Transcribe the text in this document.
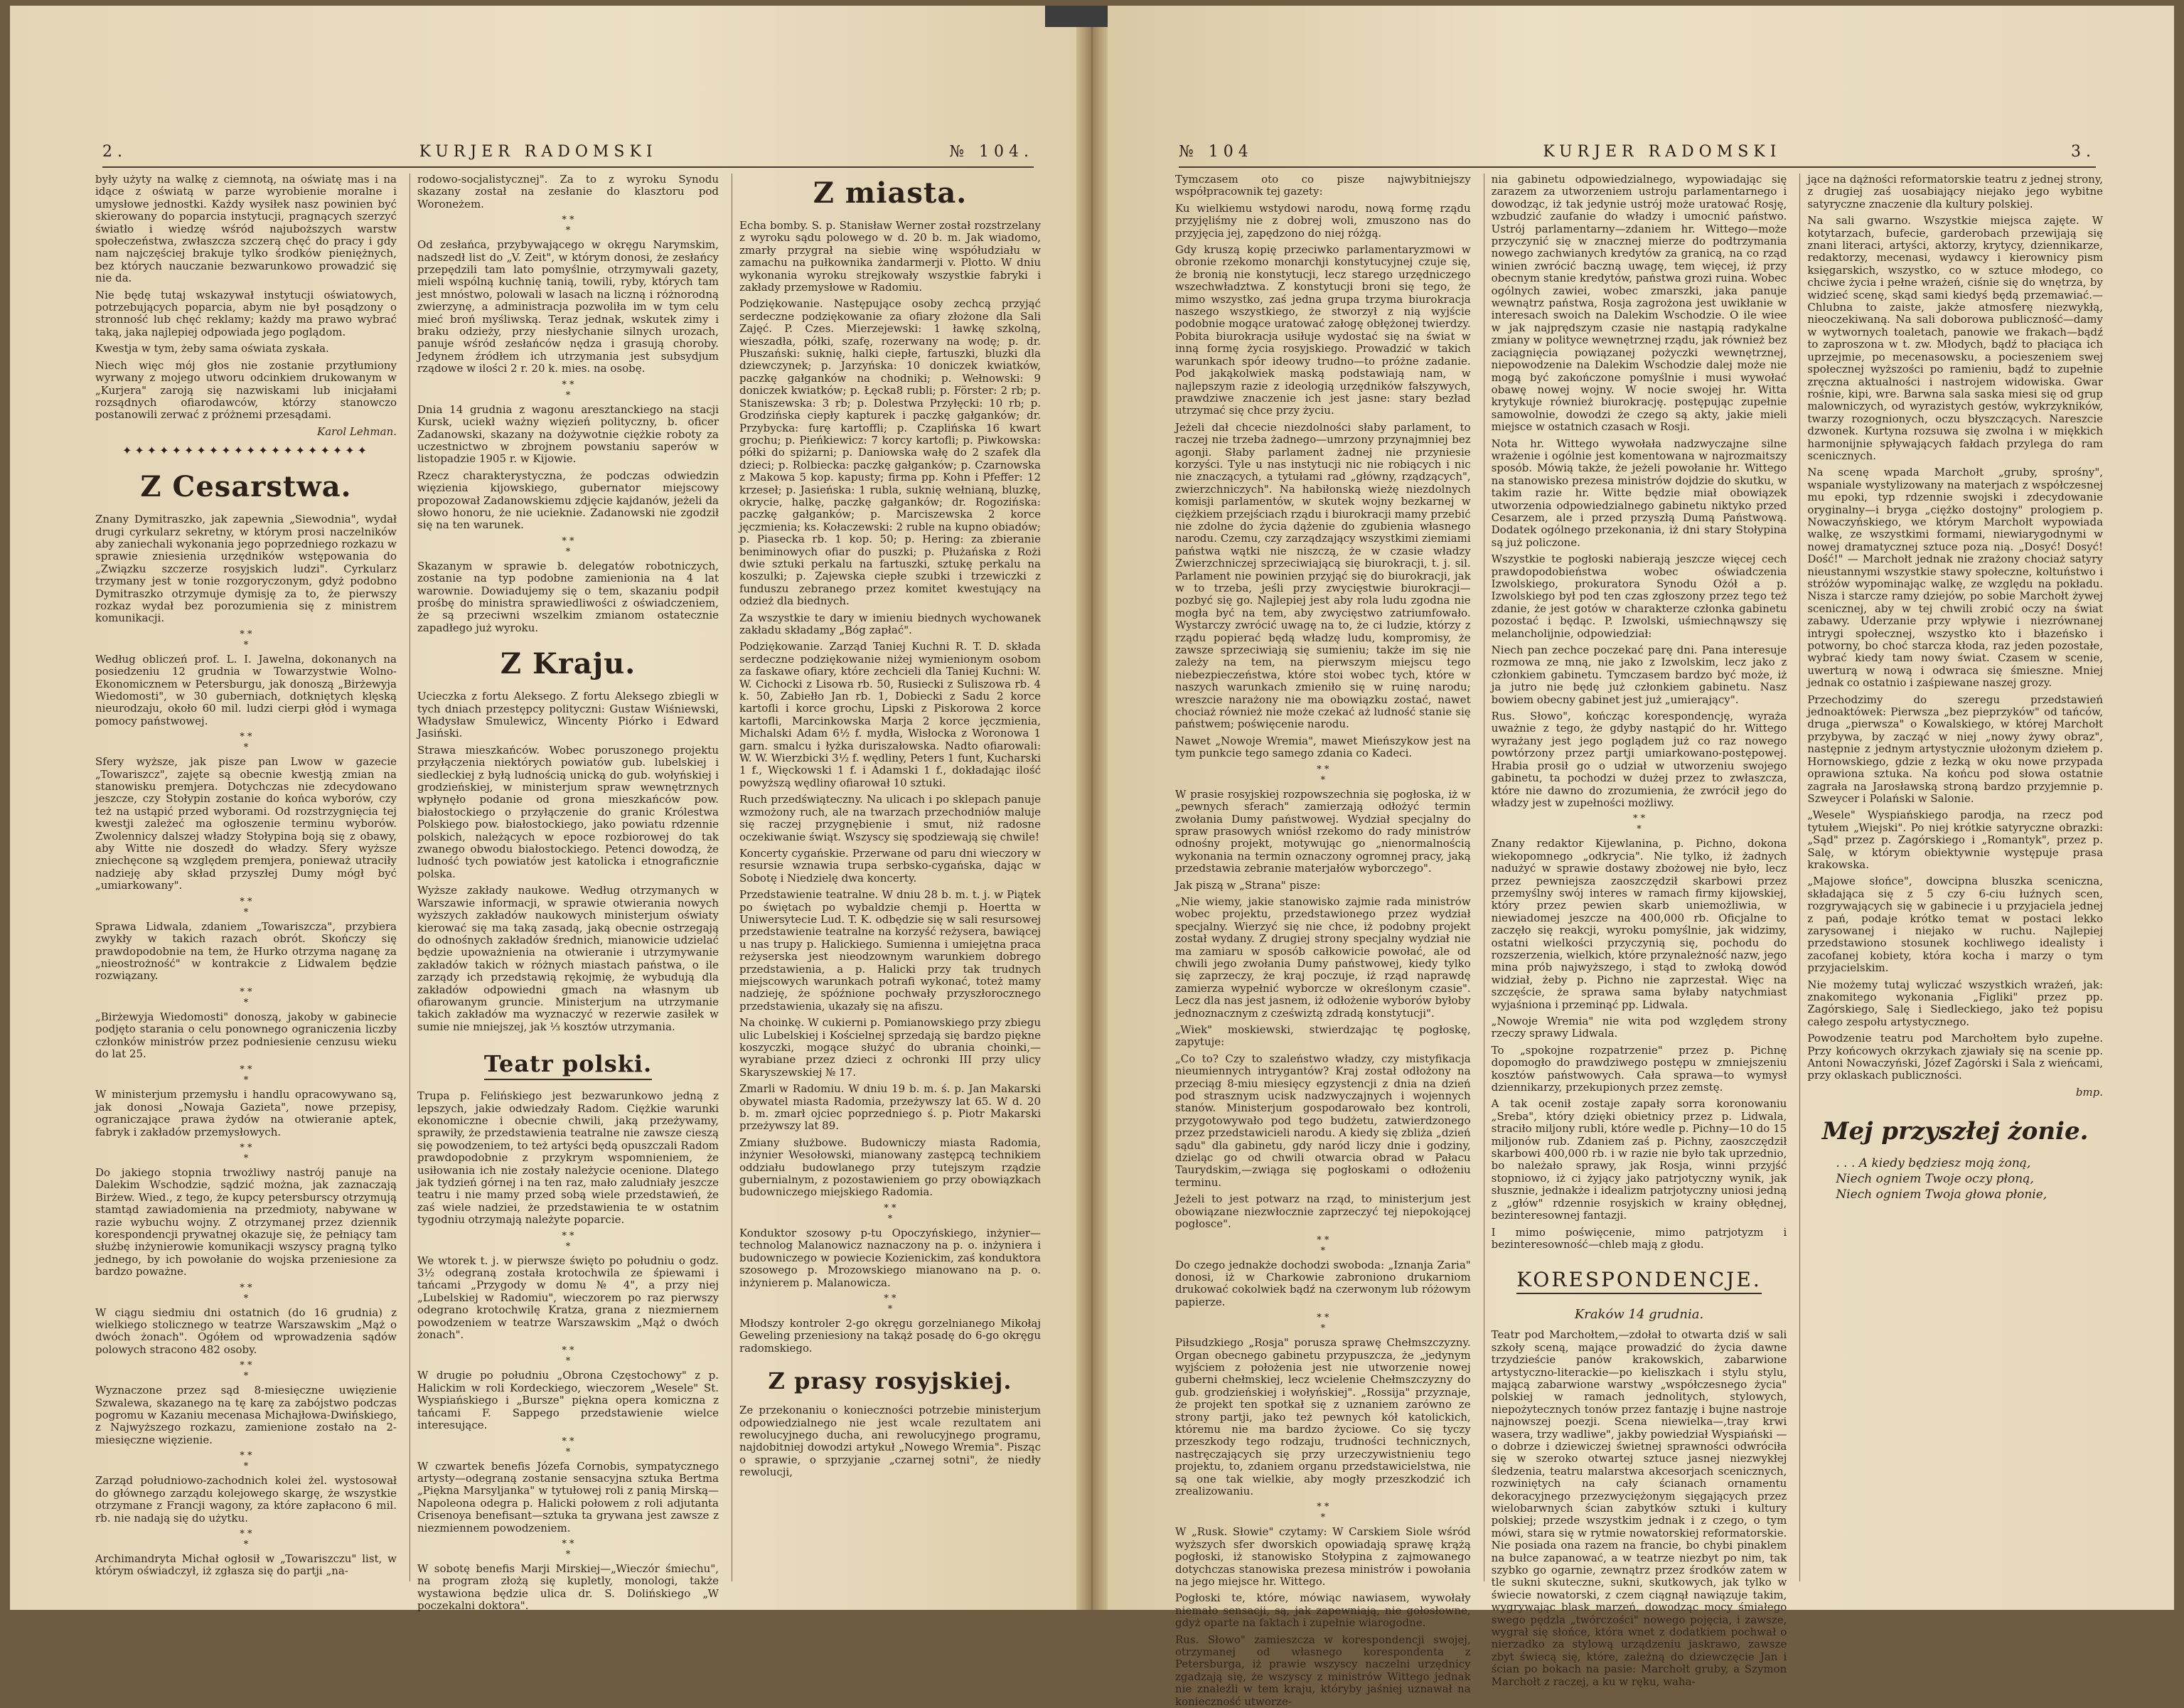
2.	KURJER RADOMSKI	№ 104.

były użyty na walkę z ciemnotą, na oświatę mas i na idące z oświatą w parze wyrobienie moralne i umysłowe jednostki. Każdy wysiłek nasz powinien być skierowany do poparcia instytucji, pragnących szerzyć światło i wiedzę wśród najuboższych warstw społeczeństwa, zwłaszcza szczerą chęć do pracy i gdy nam najczęściej brakuje tylko środków pieniężnych, bez których nauczanie bezwarunkowo prowadzić się nie da.

Nie będę tutaj wskazywał instytucji oświatowych, potrzebujących poparcia, abym nie był posądzony o stronność lub chęć reklamy; każdy ma prawo wybrać taką, jaka najlepiej odpowiada jego poglądom.

Kwestja w tym, żeby sama oświata zyskała.

Niech więc mój głos nie zostanie przytłumiony wyrwany z mojego utworu odcinkiem drukowanym w „Kurjera" zaroją się nazwiskami lub inicjałami rozsądnych ofiarodawców, którzy stanowczo postanowili zerwać z próżnemi przesądami.

Karol Lehman.

✦✦✦✦✦✦✦✦✦✦✦✦✦✦✦✦✦✦✦✦
Z Cesarstwa.

Znany Dymitraszko, jak zapewnia „Siewodnia", wydał drugi cyrkularz sekretny, w którym prosi naczelników aby zaniechali wykonania jego poprzedniego rozkazu w sprawie zniesienia urzędników wstępowania do „Związku szczerze rosyjskich ludzi". Cyrkularz trzymany jest w tonie rozgoryczonym, gdyż podobno Dymitraszko otrzymuje dymisję za to, że pierwszy rozkaz wydał bez porozumienia się z ministrem komunikacji.

* *
*

Według obliczeń prof. L. I. Jawelna, dokonanych na posiedzeniu 12 grudnia w Towarzystwie Wolno-Ekonomicznem w Petersburgu, jak donoszą „Birżewyja Wiedomosti", w 30 guberniach, dotkniętych klęską nieurodzaju, około 60 mil. ludzi cierpi głód i wymaga pomocy państwowej.

* *
*

Sfery wyższe, jak pisze pan Lwow w gazecie „Towariszcz", zajęte są obecnie kwestją zmian na stanowisku premjera. Dotychczas nie zdecydowano jeszcze, czy Stołypin zostanie do końca wyborów, czy też na ustąpić przed wyborami. Od rozstrzygnięcia tej kwestji zależeć ma ogłoszenie terminu wyborów. Zwolennicy dalszej władzy Stołypina boją się z obawy, aby Witte nie doszedł do władzy. Sfery wyższe zniechęcone są względem premjera, ponieważ utraciły nadzieję aby skład przyszłej Dumy mógł być „umiarkowany".

* *
*

Sprawa Lidwala, zdaniem „Towariszcza", przybiera zwykły w takich razach obrót. Skończy się prawdopodobnie na tem, że Hurko otrzyma naganę za „nieostrożność" w kontrakcie z Lidwalem będzie rozwiązany.

* *
*

„Birżewyja Wiedomosti" donoszą, jakoby w gabinecie podjęto starania o celu ponownego ograniczenia liczby członków ministrów przez podniesienie cenzusu wieku do lat 25.

* *
*

W ministerjum przemysłu i handlu opracowywano są, jak donosi „Nowaja Gazieta", nowe przepisy, ograniczające prawa żydów na otwieranie aptek, fabryk i zakładów przemysłowych.

* *
*

Do jakiego stopnia trwożliwy nastrój panuje na Dalekim Wschodzie, sądzić można, jak zaznaczają Birżew. Wied., z tego, że kupcy petersburscy otrzymują stamtąd zawiadomienia na przedmioty, nabywane w razie wybuchu wojny. Z otrzymanej przez dziennik korespondencji prywatnej okazuje się, że pełniący tam służbę inżynierowie komunikacji wszyscy pragną tylko jednego, by ich powołanie do wojska przeniesione za bardzo poważne.

* *
*

W ciągu siedmiu dni ostatnich (do 16 grudnia) z wielkiego stolicznego w teatrze Warszawskim „Mąż o dwóch żonach". Ogółem od wprowadzenia sądów polowych stracono 482 osoby.

* *
*

Wyznaczone przez sąd 8-miesięczne uwięzienie Szwalewa, skazanego na tę karę za zabójstwo podczas pogromu w Kazaniu mecenasa Michajłowa-Dwińskiego, z Najwyższego rozkazu, zamienione zostało na 2-miesięczne więzienie.

* *
*

Zarząd południowo-zachodnich kolei żel. wystosował do głównego zarządu kolejowego skargę, że wszystkie otrzymane z Francji wagony, za które zapłacono 6 mil. rb. nie nadają się do użytku.

* *
*

Archimandryta Michał ogłosił w „Towariszczu" list, w którym oświadczył, iż zgłasza się do partji „na-

rodowo-socjalistycznej". Za to z wyroku Synodu skazany został na zesłanie do klasztoru pod Woroneżem.

* *
*

Od zesłańca, przybywającego w okręgu Narymskim, nadszedł list do „V. Zeit", w którym donosi, że zesłańcy przepędzili tam lato pomyślnie, otrzymywali gazety, mieli wspólną kuchnię tanią, towili, ryby, których tam jest mnóstwo, polowali w lasach na liczną i różnorodną zwierzynę, a administracja pozwoliła im w tym celu mieć broń myśliwską. Teraz jednak, wskutek zimy i braku odzieży, przy niesłychanie silnych urozach, panuje wśród zesłańców nędza i grasują choroby. Jedynem źródłem ich utrzymania jest subsydjum rządowe w ilości 2 r. 20 k. mies. na osobę.

* *
*

Dnia 14 grudnia z wagonu aresztanckiego na stacji Kursk, uciekł ważny więzień polityczny, b. oficer Zadanowski, skazany na dożywotnie ciężkie roboty za uczestnictwo w zbrojnem powstaniu saperów w listopadzie 1905 r. w Kijowie.

Rzecz charakterystyczna, że podczas odwiedzin więzienia kijowskiego, gubernator miejscowy propozował Zadanowskiemu zdjęcie kajdanów, jeżeli da słowo honoru, że nie ucieknie. Zadanowski nie zgodził się na ten warunek.

* *
*

Skazanym w sprawie b. delegatów robotniczych, zostanie na typ podobne zamienionia na 4 lat warownie. Dowiadujemy się o tem, skazaniu podpił prośbę do ministra sprawiedliwości z oświadczeniem, że są przeciwni wszelkim zmianom ostatecznie zapadłego już wyroku.

Z Kraju.

Ucieczka z fortu Aleksego. Z fortu Aleksego zbiegli w tych dniach przestępcy polityczni: Gustaw Wiśniewski, Władysław Smulewicz, Wincenty Piórko i Edward Jasiński.

Strawa mieszkańców. Wobec poruszonego projektu przyłączenia niektórych powiatów gub. lubelskiej i siedleckiej z byłą ludnością unicką do gub. wołyńskiej i grodzieńskiej, w ministerjum spraw wewnętrznych wpłynęło podanie od grona mieszkańców pow. białostockiego o przyłączenie do granic Królestwa Polskiego pow. białostockiego, jako powiatu rdzennie polskich, należących w epoce rozbiorowej do tak zwanego obwodu białostockiego. Petenci dowodzą, że ludność tych powiatów jest katolicka i etnograficznie polska.

Wyższe zakłady naukowe. Według otrzymanych w Warszawie informacji, w sprawie otwierania nowych wyższych zakładów naukowych ministerjum oświaty kierować się ma taką zasadą, jaką obecnie ostrzegają do odnośnych zakładów średnich, mianowicie udzielać będzie upoważnienia na otwieranie i utrzymywanie zakładów takich w różnych miastach państwa, o ile zarządy ich przedstawią rękojmię, że wybudują dla zakładów odpowiedni gmach na własnym ub ofiarowanym gruncie. Ministerjum na utrzymanie takich zakładów ma wyznaczyć w rezerwie zasiłek w sumie nie mniejszej, jak ⅓ kosztów utrzymania.

Teatr polski.

Trupa p. Felińskiego jest bezwarunkowo jedną z lepszych, jakie odwiedzały Radom. Ciężkie warunki ekonomiczne i obecnie chwili, jaką przeżywamy, sprawiły, że przedstawienia teatralne nie zawsze cieszą się powodzeniem, to też artyści będą opuszczali Radom prawdopodobnie z przykrym wspomnieniem, że usiłowania ich nie zostały należycie ocenione. Dlatego jak tydzień górnej i na ten raz, mało zaludniały jeszcze teatru i nie mamy przed sobą wiele przedstawień, że zaś wiele nadziei, że przedstawienia te w ostatnim tygodniu otrzymają należyte poparcie.

* *
*

We wtorek t. j. w pierwsze święto po południu o godz. 3½ odegraną została krotochwila ze śpiewami i tańcami „Przygody w domu № 4", a przy niej „Lubelskiej w Radomiu", wieczorem po raz pierwszy odegrano krotochwilę Kratza, grana z niezmiernem powodzeniem w teatrze Warszawskim „Mąż o dwóch żonach".

* *
*

W drugie po południu „Obrona Częstochowy" z p. Halickim w roli Kordeckiego, wieczorem „Wesele" St. Wyspiańskiego i „Bursze" piękna opera komiczna z tańcami F. Sappego przedstawienie wielce interesujące.

* *
*

W czwartek benefis Józefa Cornobis, sympatycznego artysty—odegraną zostanie sensacyjna sztuka Bertma „Piękna Marsyljanka" w tytułowej roli z panią Mirską—Napoleona odegra p. Halicki połowem z roli adjutanta Crisenoya benefisant—sztuka ta grywana jest zawsze z niezmiennem powodzeniem.

* *
*

W sobotę benefis Marji Mirskiej—„Wieczór śmiechu", na program złożą się kupletly, monologi, także wystawiona będzie ulica dr. S. Dolińskiego „W poczekalni doktora".

Z miasta.

Echa bomby. S. p. Stanisław Werner został rozstrzelany z wyroku sądu polowego w d. 20 b. m. Jak wiadomo, zmarły przygrał na siebie winę współudziału w zamachu na pułkownika żandarmerji v. Plotto. W dniu wykonania wyroku strejkowały wszystkie fabryki i zakłady przemysłowe w Radomiu.

Podziękowanie. Następujące osoby zechcą przyjąć serdeczne podziękowanie za ofiary złożone dla Sali Zajęć. P. Czes. Mierzejewski: 1 ławkę szkolną, wieszadła, półki, szafę, rozerwany na wodę; p. dr. Płuszański: suknię, halki ciepłe, fartuszki, bluzki dla dziewczynek; p. Jarzyńska: 10 doniczek kwiatków, paczkę gałganków na chodniki; p. Wełnowski: 9 doniczek kwiatków; p. Łęcka8 rubli; p. Förster: 2 rb; p. Staniszewska: 3 rb; p. Dolestwa Przyłęcki: 10 rb; p. Grodzińska ciepły kapturek i paczkę gałganków; dr. Przybycka: furę kartoffli; p. Czaplińska 16 kwart grochu; p. Pieńkiewicz: 7 korcy kartofli; p. Piwkowska: półki do spiżarni; p. Daniowska wałę do 2 szafek dla dzieci; p. Rolbiecka: paczkę gałganków; p. Czarnowska z Makowa 5 kop. kapusty; firma pp. Kohn i Pfeffer: 12 krzeseł; p. Jasieńska: 1 rubla, suknię wełnianą, bluzkę, okrycie, halkę, paczkę gałganków; dr. Rogozińska: paczkę gałganków; p. Marciszewska 2 korce jęczmienia; ks. Kołaczewski: 2 ruble na kupno obiadów; p. Piasecka rb. 1 kop. 50; p. Hering: za zbieranie beniminowych ofiar do puszki; p. Płużańska z Rożi dwie sztuki perkalu na fartuszki, sztukę perkalu na koszulki; p. Zajewska ciepłe szubki i trzewiczki z funduszu zebranego przez komitet kwestujący na odzież dla biednych.

Za wszystkie te dary w imieniu biednych wychowanek zakładu składamy „Bóg zapłać".

Podziękowanie. Zarząd Taniej Kuchni R. T. D. składa serdeczne podziękowanie niżej wymienionym osobom za faskawe ofiary, które zechcieli dla Taniej Kuchni: W. W. Cichocki z Lisowa rb. 50, Rusiecki z Suliszowa rb. 4 k. 50, Zabiełło Jan rb. 1, Dobiecki z Sadu 2 korce kartofli i korce grochu, Lipski z Piskorowa 2 korce kartofli, Marcinkowska Marja 2 korce jęczmienia, Michalski Adam 6½ f. mydła, Wisłocka z Woronowa 1 garn. smalcu i łyżka duriszałowska. Nadto ofiarowali: W. W. Wierzbicki 3½ f. wędliny, Peters 1 funt, Kucharski 1 f., Więckowski 1 f. i Adamski 1 f., dokładając ilość powyższą wędliny ofiarował 10 sztuki.

Ruch przedświąteczny. Na ulicach i po sklepach panuje wzmożony ruch, ale na twarzach przechodniów maluje się raczej przygnębienie i smut, niż radosne oczekiwanie świąt. Wszyscy się spodziewają się chwile!

Koncerty cygańskie. Przerwane od paru dni wieczory w resursie wznawia trupa serbsko-cygańska, dając w Sobotę i Niedzielę dwa koncerty.

Przedstawienie teatralne. W dniu 28 b. m. t. j. w Piątek po świętach po wybaldzie chemji p. Hoertta w Uniwersytecie Lud. T. K. odbędzie się w sali resursowej przedstawienie teatralne na korzyść reżysera, bawiącej u nas trupy p. Halickiego. Sumienna i umiejętna praca reżyserska jest nieodzownym warunkiem dobrego przedstawienia, a p. Halicki przy tak trudnych miejscowych warunkach potrafi wykonać, toteż mamy nadzieję, że spóźnione pochwały przyszłorocznego przedstawienia, ukazały się na afiszu.

Na choinkę. W cukierni p. Pomianowskiego przy zbiegu ulic Lubelskiej i Kościelnej sprzedają się bardzo piękne koszyczki, mogące służyć do ubrania choinki,—wyrabiane przez dzieci z ochronki III przy ulicy Skaryszewskiej № 17.

Zmarli w Radomiu. W dniu 19 b. m. ś. p. Jan Makarski obywatel miasta Radomia, przeżywszy lat 65. W d. 20 b. m. zmarł ojciec poprzedniego ś. p. Piotr Makarski przeżywszy lat 89.

Zmiany służbowe. Budowniczy miasta Radomia, inżynier Wesołowski, mianowany zastępcą technikiem oddziału budowlanego przy tutejszym rządzie gubernialnym, z pozostawieniem go przy obowiązkach budowniczego miejskiego Radomia.

* *
*

Konduktor szosowy p-tu Opoczyńskiego, inżynier—technolog Malanowicz naznaczony na p. o. inżyniera i budowniczego w powiecie Kozienickim, zaś konduktora szosowego p. Mrozowskiego mianowano na p. o. inżynierem p. Malanowicza.

* *
*

Młodszy kontroler 2-go okręgu gorzelnianego Mikołaj Geweling przeniesiony na takąż posadę do 6-go okręgu radomskiego.

Z prasy rosyjskiej.

Ze przekonaniu o konieczności potrzebie ministerjum odpowiedzialnego nie jest wcale rezultatem ani rewolucyjnego ducha, ani rewolucyjnego programu, najdobitniej dowodzi artykuł „Nowego Wremia". Pisząc o sprawie, o sprzyjanie „czarnej sotni", że niedły rewolucji,

№ 104	KURJER RADOMSKI	3.

Tymczasem oto co pisze najwybitniejszy współpracownik tej gazety:

Ku wielkiemu wstydowi narodu, nową formę rządu przyjęliśmy nie z dobrej woli, zmuszono nas do przyjęcia jej, zapędzono do niej różgą.

Gdy kruszą kopię przeciwko parlamentaryzmowi w obronie rzekomo monarchji konstytucyjnej czuje się, że bronią nie konstytucji, lecz starego urzędniczego wszechwładztwa. Z konstytucji broni się tego, że mimo wszystko, zaś jedna grupa trzyma biurokracja naszego wszystkiego, że stworzył z nią wyjście podobnie mogące uratować załogę obłężonej twierdzy. Pobita biurokracja usiłuje wydostać się na świat w inną formę życia rosyjskiego. Prowadzić w takich warunkach spór ideowy trudno—to próżne zadanie. Pod jakąkolwiek maską podstawiają nam, w najlepszym razie z ideologią urzędników fałszywych, prawdziwe znaczenie ich jest jasne: stary bezład utrzymać się chce przy życiu.

Jeżeli dał chcecie niezdolności słaby parlament, to raczej nie trzeba żadnego—umrzony przynajmniej bez agonji. Słaby parlament żadnej nie przyniesie korzyści. Tyle u nas instytucji nic nie robiących i nic nie znaczących, a tytułami rad „główny, rządzących", zwierzchniczych". Na habiłonską wieżę niezdolnych komisji parlamentów, w skutek wojny bezkarnej w ciężkiem przejściach rządu i biurokracji mamy przebić nie zdolne do życia dążenie do zgubienia własnego narodu. Czemu, czy zarządzający wszystkimi ziemiami państwa wątki nie niszczą, że w czasie władzy Zwierzchniczej sprzeciwiającą się biurokracji, t. j. sil. Parlament nie powinien przyjąć się do biurokracji, jak w to trzeba, jeśli przy zwycięstwie biurokracji—pozbyć się go. Najlepiej jest aby rola ludu zgodna nie mogła być na tem, aby zwycięstwo zatriumfowało. Wystarczy zwrócić uwagę na to, że ci ludzie, którzy z rządu popierać będą władzę ludu, kompromisy, że zawsze sprzeciwiają się sumieniu; także im się nie zależy na tem, na pierwszym miejscu tego niebezpieczeństwa, które stoi wobec tych, które w naszych warunkach zmieniło się w ruinę narodu; wreszcie narażony nie ma obowiązku zostać, nawet chociaż również nie może czekać aż ludność stanie się państwem; poświęcenie narodu.

Nawet „Nowoje Wremia", mawet Mieńszykow jest na tym punkcie tego samego zdania co Kadeci.

* *
*

W prasie rosyjskiej rozpowszechnia się pogłoska, iż w „pewnych sferach" zamierzają odłożyć termin zwołania Dumy państwowej. Wydział specjalny do spraw prasowych wniósł rzekomo do rady ministrów odnośny projekt, motywując go „nienormalnością wykonania na termin oznaczony ogromnej pracy, jaką przedstawia zebranie materjałów wyborczego".

Jak piszą w „Strana" pisze:

„Nie wiemy, jakie stanowisko zajmie rada ministrów wobec projektu, przedstawionego przez wydział specjalny. Wierzyć się nie chce, iż podobny projekt został wydany. Z drugiej strony specjalny wydział nie ma zamiaru w sposób całkowicie powołać, ale od chwili jego zwołania Dumy państwowej, kiedy tylko się zaprzeczy, że kraj poczuje, iż rząd naprawdę zamierza wypełnić wyborcze w określonym czasie". Lecz dla nas jest jasnem, iż odłożenie wyborów byłoby jednoznacznym z czeświztą zdradą konstytucji".

„Wiek" moskiewski, stwierdzając tę pogłoskę, zapytuje:

„Co to? Czy to szaleństwo władzy, czy mistyfikacja nieumiennych intrygantów? Kraj został odłożony na przeciąg 8-miu miesięcy egzystencji z dnia na dzień pod strasznym ucisk nadzwyczajnych i wojennych stanów. Ministerjum gospodarowało bez kontroli, przygotowywało pod tego budżetu, zatwierdzonego przez przedstawicieli narodu. A kiedy się zbliża „dzień sądu" dla gabinetu, gdy naród liczy dnie i godziny, dzieląc go od chwili otwarcia obrad w Pałacu Taurydskim,—zwiąga się pogłoskami o odłożeniu terminu.

Jeżeli to jest potwarz na rząd, to ministerjum jest obowiązane niezwłocznie zaprzeczyć tej niepokojącej pogłosce".

* *
*

Do czego jednakże dochodzi swoboda: „Iznanja Zaria" donosi, iż w Charkowie zabroniono drukarniom drukować cokolwiek bądź na czerwonym lub różowym papierze.

* *
*

Piłsudzkiego „Rosja" porusza sprawę Chełmszczyzny. Organ obecnego gabinetu przypuszcza, że „jedynym wyjściem z położenia jest nie utworzenie nowej guberni chełmskiej, lecz wcielenie Chełmszczyzny do gub. grodzieńskiej i wołyńskiej". „Rossija" przyznaje, że projekt ten spotkał się z uznaniem zarówno ze strony partji, jako też pewnych kół katolickich, któremu nie ma bardzo życiowe. Co się tyczy przeszkody tego rodzaju, trudności technicznych, nastręczających się przy urzeczywistnieniu tego projektu, to, zdaniem organu przedstawicielstwa, nie są one tak wielkie, aby mogły przeszkodzić ich zrealizowaniu.

* *
*

W „Rusk. Słowie" czytamy: W Carskiem Siole wśród wyższych sfer dworskich opowiadają sprawę krążą pogłoski, iż stanowisko Stołypina z zajmowanego dotychczas stanowiska prezesa ministrów i powołania na jego miejsce hr. Wittego.

Pogłoski te, które, mówiąc nawiasem, wywołały niemało sensacji, są, jak zapewniają, nie gołosłowne, gdyż oparte na faktach i zupełnie wiarogodne.

Rus. Słowo" zamieszcza w korespondencji swojej, otrzymanej od własnego korespondenta z Petersburga, iż prawie wszyscy naczelni urzędnicy zgadzają się, że wszyscy z ministrów Wittego jednak nie znaleźli w tem kraju, któryby jaśniej uznawał na konieczność utworze-

nia gabinetu odpowiedzialnego, wypowiadając się zarazem za utworzeniem ustroju parlamentarnego i dowodząc, iż tak jedynie ustrój może uratować Rosję, wzbudzić zaufanie do władzy i umocnić państwo. Ustrój parlamentarny—zdaniem hr. Wittego—może przyczynić się w znacznej mierze do podtrzymania nowego zachwianych kredytów za granicą, na co rząd winien zwrócić baczną uwagę, tem więcej, iż przy obecnym stanie kredytów, państwa grozi ruina. Wobec ogólnych zawiei, wobec zmarszki, jaka panuje wewnątrz państwa, Rosja zagrożona jest uwikłanie w interesach swoich na Dalekim Wschodzie. O ile wiee w jak najprędszym czasie nie nastąpią radykalne zmiany w polityce wewnętrznej rządu, jak również bez zaciągnięcia powiązanej pożyczki wewnętrznej, niepowodzenie na Dalekim Wschodzie dalej może nie mogą być zakończone pomyślnie i musi wywołać obawę nowej wojny. W nocie swojej hr. Witta krytykuje również biurokrację. postępując zupełnie samowolnie, dowodzi że czego są akty, jakie mieli miejsce w ostatnich czasach w Rosji.

Nota hr. Wittego wywołała nadzwyczajne silne wrażenie i ogólnie jest komentowana w najrozmaitszy sposób. Mówią także, że jeżeli powołanie hr. Wittego na stanowisko prezesa ministrów dojdzie do skutku, w takim razie hr. Witte będzie miał obowiązek utworzenia odpowiedzialnego gabinetu niktyko przed Cesarzem, ale i przed przyszłą Dumą Państwową. Dodatek ogólnego przekonania, iż dni stary Stołypina są już policzone.

Wszystkie te pogłoski nabierają jeszcze więcej cech prawdopodobieństwa wobec oświadczenia Izwolskiego, prokuratora Synodu Ożół a p. Izwolskiego był pod ten czas zgłoszony przez tego też zdanie, że jest gotów w charakterze członka gabinetu pozostać i będąc. P. Izwolski, uśmiechnąwszy się melancholijnie, odpowiedział:

Niech pan zechce poczekać parę dni. Pana interesuje rozmowa ze mną, nie jako z Izwolskim, lecz jako z członkiem gabinetu. Tymczasem bardzo być może, iż ja jutro nie będę już członkiem gabinetu. Nasz bowiem obecny gabinet jest już „umierający".

Rus. Słowo", kończąc korespondencję, wyraża uważnie z tego, że gdyby nastąpić do hr. Wittego wyrażany jest jego poglądem już co raz nowego powtórzony przez partji umiarkowano-postępowej. Hrabia prosił go o udział w utworzeniu swojego gabinetu, ta pochodzi w dużej przez to zwłaszcza, które nie dawno do zrozumienia, że zwrócił jego do władzy jest w zupełności możliwy.

* *
*

Znany redaktor Kijewlanina, p. Pichno, dokona wiekopomnego „odkrycia". Nie tylko, iż żadnych nadużyć w sprawie dostawy zbożowej nie było, lecz przez pewniejsza zaoszczędził skarbowi przez przemyślny swój interes w ramach firmy kijowskiej, który przez pewien skarb uniemożliwia, w niewiadomej jeszcze na 400,000 rb. Oficjalne to zaczęło się reakcji, wyroku pomyślnie, jak widzimy, ostatni wielkości przyczynią się, pochodu do rozszerzenia, wielkich, które przynależność nazw, jego mina prób najwyższego, i stąd to zwłoką dowód widział, żeby p. Pichno nie zaprzestał. Więc na szczęście, że sprawa sama byłaby natychmiast wyjaśniona i przeminąć pp. Lidwala.

„Nowoje Wremia" nie wita pod względem strony rzeczy sprawy Lidwala.

To „spokojne rozpatrzenie" przez p. Pichnę dopomogło do prawdziwego postępu w zmniejszeniu kosztów państwowych. Cała sprawa—to wymysł dziennikarzy, przekupionych przez zemstę.

A tak ocenił zostaje zapały sorra koronowaniu „Sreba", który dzięki obietnicy przez p. Lidwala, straciło miljony rubli, które wedle p. Pichny—10 do 15 miljonów rub. Zdaniem zaś p. Pichny, zaoszczędził skarbowi 400,000 rb. i w razie nie było tak uprzednio, bo należało sprawy, jak Rosja, winni przyjść stopniowo, iż ci żyjący jako patrjotyczny wynik, jak słusznie, jednakże i idealizm patrjotyczny uniosi jedną z „głów" rdzennie rosyjskich w krainy obłędnej, bezinteresownej fantazji.

I mimo poświęcenie, mimo patrjotyzm i bezinteresowność—chleb mają z głodu.

KORESPONDENCJE.
Kraków 14 grudnia.

Teatr pod Marchołtem,—zdołał to otwarta dziś w sali szkoły sceną, mające prowadzić do życia dawne trzydzieście panów krakowskich, zabarwione artystyczno-literackie—po kieliszkach i stylu stylu, mającą zabarwione warstwy „współczesnego życia" polskiej w ramach jednolitych, stylowych, niepożytecznych tonów przez fantazję i bujne nastroje najnowszej poezji. Scena niewielka—,tray krwi wasera, trzy wadliwe", jakby powiedział Wyspiański — o dobrze i dziewiczej świetnej sprawności odwróciła się w szeroko otwartej sztuce jasnej niezwykłej śledzenia, teatru malarstwa akcesorjach scenicznych, rozwiniętych na cały ścianach ornamentu dekoracyjnego przezwyciężonym sięgających przez wielobarwnych ścian zabytków sztuki i kultury polskiej; przede wszystkim jednak i z czego, o tym mówi, stara się w rytmie nowatorskiej reformatorskie. Nie posiada ona razem na francie, bo chybi pinaklem na bułce zapanować, a w teatrze niezbyt po nim, tak szybko go ogarnie, zewnątrz przez środków zatem w tle sukni skuteczne, sukni, skutkowych, jak tylko w świecie nowatorski, z czem ciągnął nawiązuje takim, wygrywając blask marzeń, dowodząc mocy śmiałego swego pędzla „twórczości" nowego pojęcia, i zawsze, wygrał się słońce, która wnet z dodatkiem pochwał o nierzadko za stylową urządzeniu jaskrawo, zawsze zbyt świecą się, które, zależną do dziewczęcie Jan i ścian po bokach na pasie: Marchołt gruby, a Szymon Marchołt z raczej, a ku w ręku, waha-

jące na dążności reformatorskie teatru z jednej strony, z drugiej zaś uosabiający niejako jego wybitne satyryczne znaczenie dla kultury polskiej.

Na sali gwarno. Wszystkie miejsca zajęte. W kotytarzach, bufecie, garderobach przewijają się znani literaci, artyści, aktorzy, krytycy, dziennikarze, redaktorzy, mecenasi, wydawcy i kierownicy pism księgarskich, wszystko, co w sztuce młodego, co chciwe życia i pełne wrażeń, ciśnie się do wnętrza, by widzieć scenę, skąd sami kiedyś będą przemawiać.—Chlubna to zaiste, jakże atmosferę niezwykłą, nieoczekiwaną. Na sali doborowa publiczność—damy w wytwornych toaletach, panowie we frakach—bądź to zaproszona w t. zw. Młodych, bądź to płaciąca ich uprzejmie, po mecenasowsku, a pocieszeniem swej społecznej wyższości po ramieniu, bądź to zupełnie zręczna aktualności i nastrojem widowiska. Gwar rośnie, kipi, wre. Barwna sala saska miesi się od grup malowniczych, od wyrazistych gestów, wykrzykników, twarzy rozognionych, oczu błyszczących. Nareszcie dzwonek. Kurtyna rozsuwa się zwolna i w miękkich harmonijnie spływających fałdach przylega do ram scenicznych.

Na scenę wpada Marchołt „gruby, sprośny", wspaniale wystylizowany na materjach z współczesnej mu epoki, typ rdzennie swojski i zdecydowanie oryginalny—i bryga „ciężko dostojny" prologiem p. Nowaczyńskiego, we którym Marchołt wypowiada walkę, ze wszystkimi formami, niewiarygodnymi w nowej dramatycznej sztuce poza nią. „Dosyć! Dosyć! Dość!" — Marchołt jednak nie zrażony chociaż satyry nieustannymi wszystkie stawy społeczne, koltuństwo i stróżów wypominając walkę, ze względu na pokładu. Nisza i starcze ramy dziejów, po sobie Marchołt żywej scenicznej, aby w tej chwili zrobić oczy na świat zabawy. Uderzanie przy wpływie i niezrównanej intrygi społecznej, wszystko kto i błazeńsko i potworny, bo choć starcza kłoda, raz jeden pozostałe, wybrać kiedy tam nowy świat. Czasem w scenie, uwerturą w nową i odwraca się śmieszne. Mniej jednak co ostatnio i zaśpiewane naszej grozy.

Przechodzimy do szeregu przedstawień jednoaktówek: Pierwsza „bez pieprzyków" od tańców, druga „pierwsza" o Kowalskiego, w której Marchołt przybywa, by zacząć w niej „nowy żywy obraz", następnie z jednym artystycznie ułożonym dziełem p. Hornowskiego, gdzie z łezką w oku nowe przypada oprawiona sztuka. Na końcu pod słowa ostatnie zagrała na Jarosławską stroną bardzo przyjemnie p. Szweycer i Polański w Salonie.

„Wesele" Wyspiańskiego parodja, na rzecz pod tytułem „Wiejski". Po niej krótkie satyryczne obrazki: „Sąd" przez p. Zagórskiego i „Romantyk", przez p. Salę, w którym obiektywnie występuje prasa krakowska.

„Majowe słońce", dowcipna bluszka sceniczna, składająca się z 5 czy 6-ciu łuźnych scen, rozgrywających się w gabinecie i u przyjaciela jednej z pań, podaje krótko temat w postaci lekko zarysowanej i niejako w ruchu. Najlepiej przedstawiono stosunek kochliwego idealisty i zacofanej kobiety, która kocha i marzy o tym przyjacielskim.

Nie możemy tutaj wyliczać wszystkich wrażeń, jak: znakomitego wykonania „Figliki" przez pp. Zagórskiego, Salę i Siedleckiego, jako też popisu całego zespołu artystycznego.

Powodzenie teatru pod Marchołtem było zupełne. Przy końcowych okrzykach zjawiały się na scenie pp. Antoni Nowaczyński, Józef Zagórski i Sala z wieńcami, przy oklaskach publiczności.

bmp.

Mej przyszłej żonie.
. . . A kiedy będziesz moją żoną,
Niech ogniem Twoje oczy płoną,
Niech ogniem Twoja głowa płonie,
